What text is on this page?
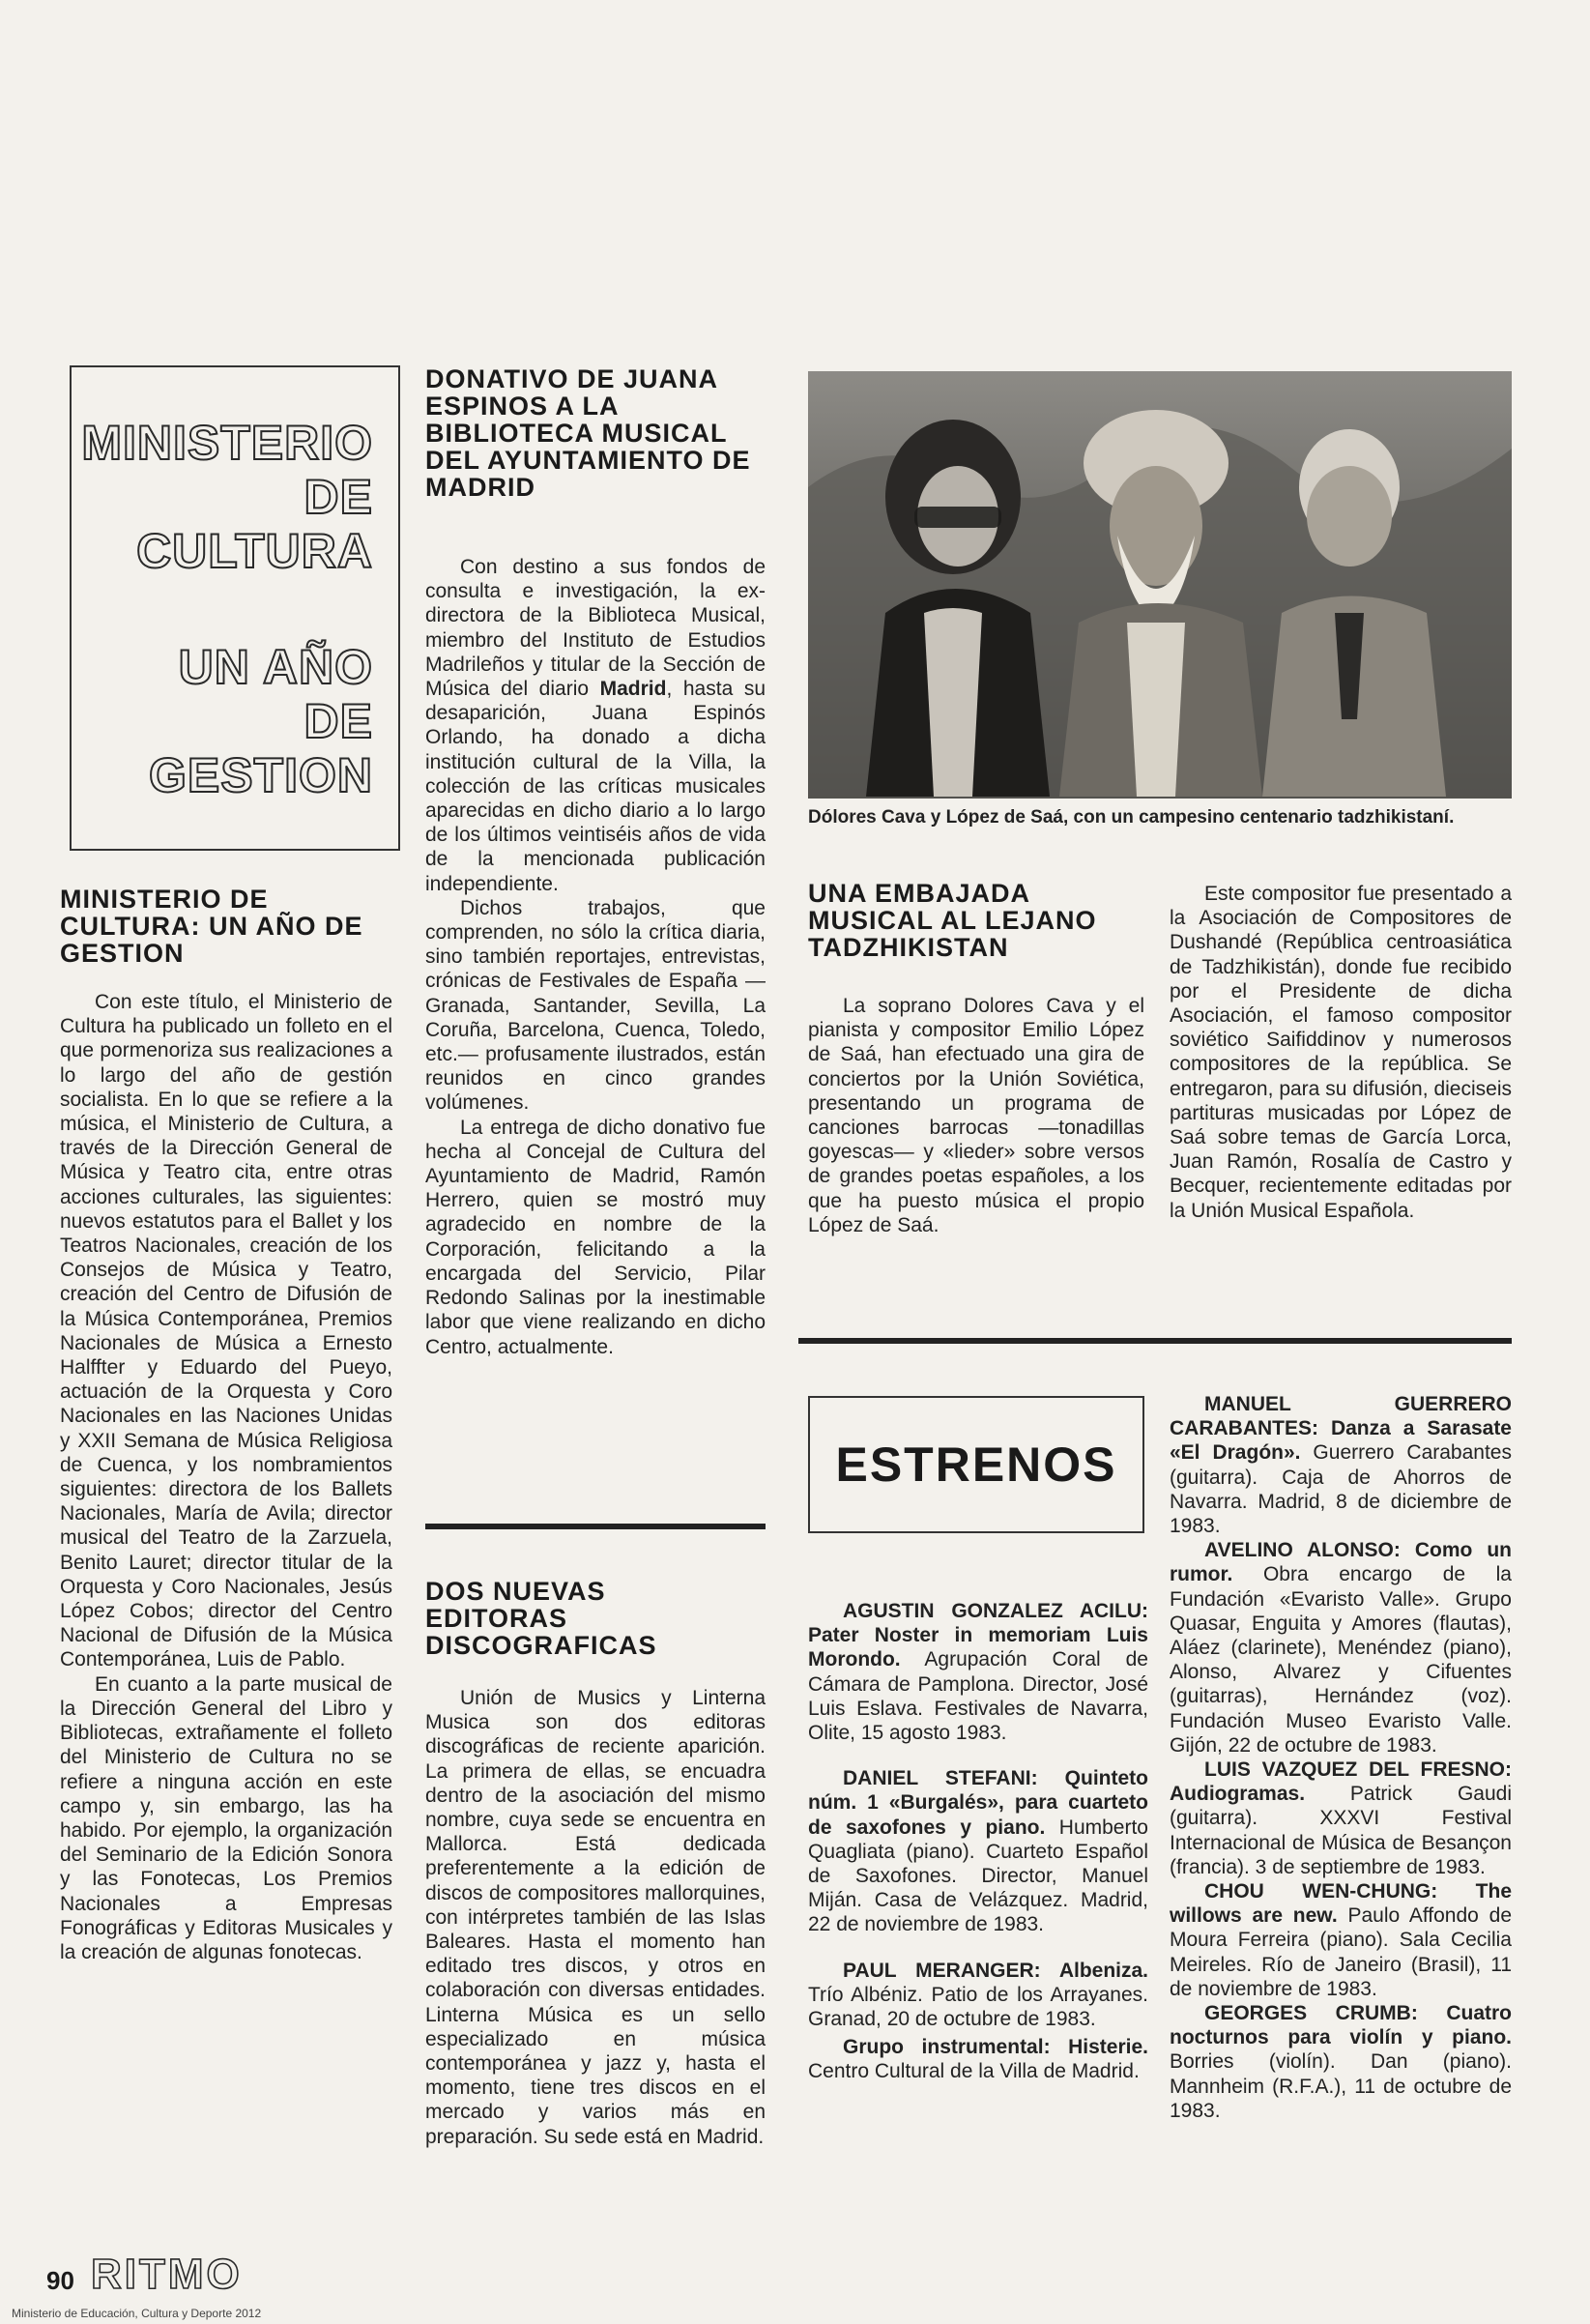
MINISTERIO
DE
CULTURA
UN AÑO
DE
GESTION
MINISTERIO DE CULTURA: UN AÑO DE GESTION

Con este título, el Ministerio de Cultura ha publicado un folleto en el que pormenoriza sus realizaciones a lo largo del año de gestión socialista. En lo que se refiere a la música, el Ministerio de Cultura, a través de la Dirección General de Música y Teatro cita, entre otras acciones culturales, las siguientes: nuevos estatutos para el Ballet y los Teatros Nacionales, creación de los Consejos de Música y Teatro, creación del Centro de Difusión de la Música Contemporánea, Premios Nacionales de Música a Ernesto Halffter y Eduardo del Pueyo, actuación de la Orquesta y Coro Nacionales en las Naciones Unidas y XXII Semana de Música Religiosa de Cuenca, y los nombramientos siguientes: directora de los Ballets Nacionales, María de Avila; director musical del Teatro de la Zarzuela, Benito Lauret; director titular de la Orquesta y Coro Nacionales, Jesús López Cobos; director del Centro Nacional de Difusión de la Música Contemporánea, Luis de Pablo.

En cuanto a la parte musical de la Dirección General del Libro y Bibliotecas, extrañamente el folleto del Ministerio de Cultura no se refiere a ninguna acción en este campo y, sin embargo, las ha habido. Por ejemplo, la organización del Seminario de la Edición Sonora y las Fonotecas, Los Premios Nacionales a Empresas Fonográficas y Editoras Musicales y la creación de algunas fonotecas.

DONATIVO DE JUANA ESPINOS A LA BIBLIOTECA MUSICAL DEL AYUNTAMIENTO DE MADRID

Con destino a sus fondos de consulta e investigación, la ex-directora de la Biblioteca Musical, miembro del Instituto de Estudios Madrileños y titular de la Sección de Música del diario Madrid, hasta su desaparición, Juana Espinós Orlando, ha donado a dicha institución cultural de la Villa, la colección de las críticas musicales aparecidas en dicho diario a lo largo de los últimos veintiséis años de vida de la mencionada publicación independiente.

Dichos trabajos, que comprenden, no sólo la crítica diaria, sino también reportajes, entrevistas, crónicas de Festivales de España —Granada, Santander, Sevilla, La Coruña, Barcelona, Cuenca, Toledo, etc.— profusamente ilustrados, están reunidos en cinco grandes volúmenes.

La entrega de dicho donativo fue hecha al Concejal de Cultura del Ayuntamiento de Madrid, Ramón Herrero, quien se mostró muy agradecido en nombre de la Corporación, felicitando a la encargada del Servicio, Pilar Redondo Salinas por la inestimable labor que viene realizando en dicho Centro, actualmente.

DOS NUEVAS EDITORAS DISCOGRAFICAS

Unión de Musics y Linterna Musica son dos editoras discográficas de reciente aparición. La primera de ellas, se encuadra dentro de la asociación del mismo nombre, cuya sede se encuentra en Mallorca. Está dedicada preferentemente a la edición de discos de compositores mallorquines, con intérpretes también de las Islas Baleares. Hasta el momento han editado tres discos, y otros en colaboración con diversas entidades. Linterna Música es un sello especializado en música contemporánea y jazz y, hasta el momento, tiene tres discos en el mercado y varios más en preparación. Su sede está en Madrid.

Dólores Cava y López de Saá, con un campesino centenario tadzhikistaní.
UNA EMBAJADA MUSICAL AL LEJANO TADZHIKISTAN

La soprano Dolores Cava y el pianista y compositor Emilio López de Saá, han efectuado una gira de conciertos por la Unión Soviética, presentando un programa de canciones barrocas —tonadillas goyescas— y «lieder» sobre versos de grandes poetas españoles, a los que ha puesto música el propio López de Saá.

Este compositor fue presentado a la Asociación de Compositores de Dushandé (República centroasiática de Tadzhikistán), donde fue recibido por el Presidente de dicha Asociación, el famoso compositor soviético Saifiddinov y numerosos compositores de la república. Se entregaron, para su difusión, dieciseis partituras musicadas por López de Saá sobre temas de García Lorca, Juan Ramón, Rosalía de Castro y Becquer, recientemente editadas por la Unión Musical Española.

ESTRENOS

AGUSTIN GONZALEZ ACILU: Pater Noster in memoriam Luis Morondo. Agrupación Coral de Cámara de Pamplona. Director, José Luis Eslava. Festivales de Navarra, Olite, 15 agosto 1983.

DANIEL STEFANI: Quinteto núm. 1 «Burgalés», para cuarteto de saxofones y piano. Humberto Quagliata (piano). Cuarteto Español de Saxofones. Director, Manuel Miján. Casa de Velázquez. Madrid, 22 de noviembre de 1983.

PAUL MERANGER: Albeniza. Trío Albéniz. Patio de los Arrayanes. Granad, 20 de octubre de 1983.

Grupo instrumental: Histerie. Centro Cultural de la Villa de Madrid.

MANUEL GUERRERO CARABANTES: Danza a Sarasate «El Dragón». Guerrero Carabantes (guitarra). Caja de Ahorros de Navarra. Madrid, 8 de diciembre de 1983.

AVELINO ALONSO: Como un rumor. Obra encargo de la Fundación «Evaristo Valle». Grupo Quasar, Enguita y Amores (flautas), Aláez (clarinete), Menéndez (piano), Alonso, Alvarez y Cifuentes (guitarras), Hernández (voz). Fundación Museo Evaristo Valle. Gijón, 22 de octubre de 1983.

LUIS VAZQUEZ DEL FRESNO: Audiogramas. Patrick Gaudi (guitarra). XXXVI Festival Internacional de Música de Besançon (francia). 3 de septiembre de 1983.

CHOU WEN-CHUNG: The willows are new. Paulo Affondo de Moura Ferreira (piano). Sala Cecilia Meireles. Río de Janeiro (Brasil), 11 de noviembre de 1983.

GEORGES CRUMB: Cuatro nocturnos para violín y piano. Borries (violín). Dan (piano). Mannheim (R.F.A.), 11 de octubre de 1983.

90 RITMO
Ministerio de Educación, Cultura y Deporte 2012
